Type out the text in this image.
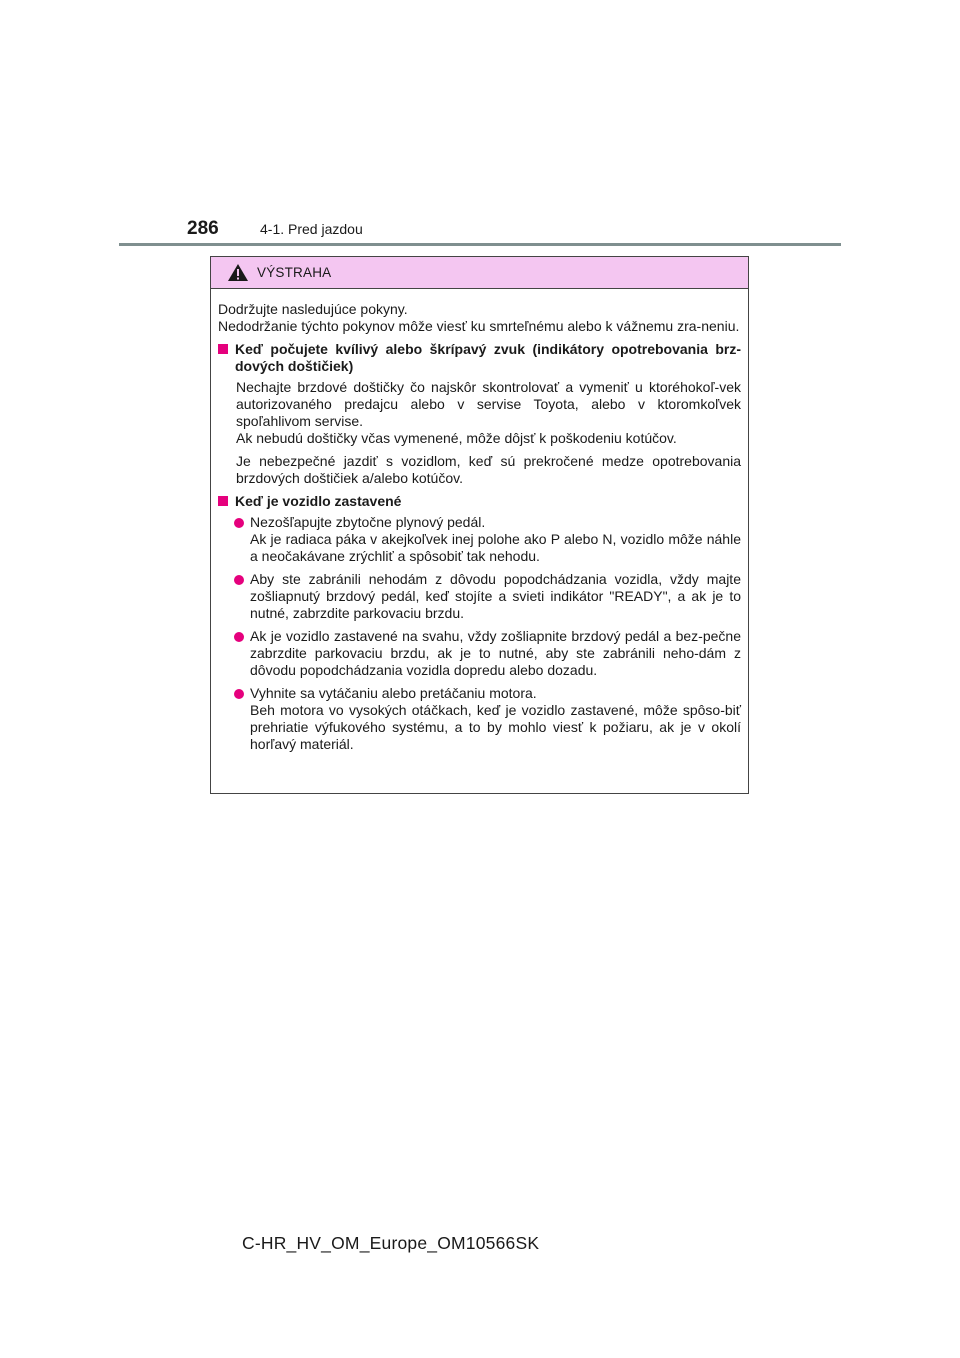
286	4-1. Pred jazdou
VÝSTRAHA

Dodržujte nasledujúce pokyny.
Nedodržanie týchto pokynov môže viesť ku smrteľnému alebo k vážnemu zra-neniu.

Keď počujete kvílivý alebo škrípavý zvuk (indikátory opotrebovania brz-dových doštičiek)

Nechajte brzdové doštičky čo najskôr skontrolovať a vymeniť u ktoréhokoľ-vek autorizovaného predajcu alebo v servise Toyota, alebo v ktoromkoľvek spoľahlivom servise.
Ak nebudú doštičky včas vymenené, môže dôjsť k poškodeniu kotúčov.

Je nebezpečné jazdiť s vozidlom, keď sú prekročené medze opotrebovania brzdových doštičiek a/alebo kotúčov.

Keď je vozidlo zastavené
Nezošľapujte zbytočne plynový pedál.
Ak je radiaca páka v akejkoľvek inej polohe ako P alebo N, vozidlo môže náhle a neočakávane zrýchliť a spôsobiť tak nehodu.
Aby ste zabránili nehodám z dôvodu popodchádzania vozidla, vždy majte zošliapnutý brzdový pedál, keď stojíte a svieti indikátor "READY", a ak je to nutné, zabrzdite parkovaciu brzdu.
Ak je vozidlo zastavené na svahu, vždy zošliapnite brzdový pedál a bez-pečne zabrzdite parkovaciu brzdu, ak je to nutné, aby ste zabránili neho-dám z dôvodu popodchádzania vozidla dopredu alebo dozadu.
Vyhnite sa vytáčaniu alebo pretáčaniu motora.
Beh motora vo vysokých otáčkach, keď je vozidlo zastavené, môže spôso-biť prehriatie výfukového systému, a to by mohlo viesť k požiaru, ak je v okolí horľavý materiál.
C-HR_HV_OM_Europe_OM10566SK
